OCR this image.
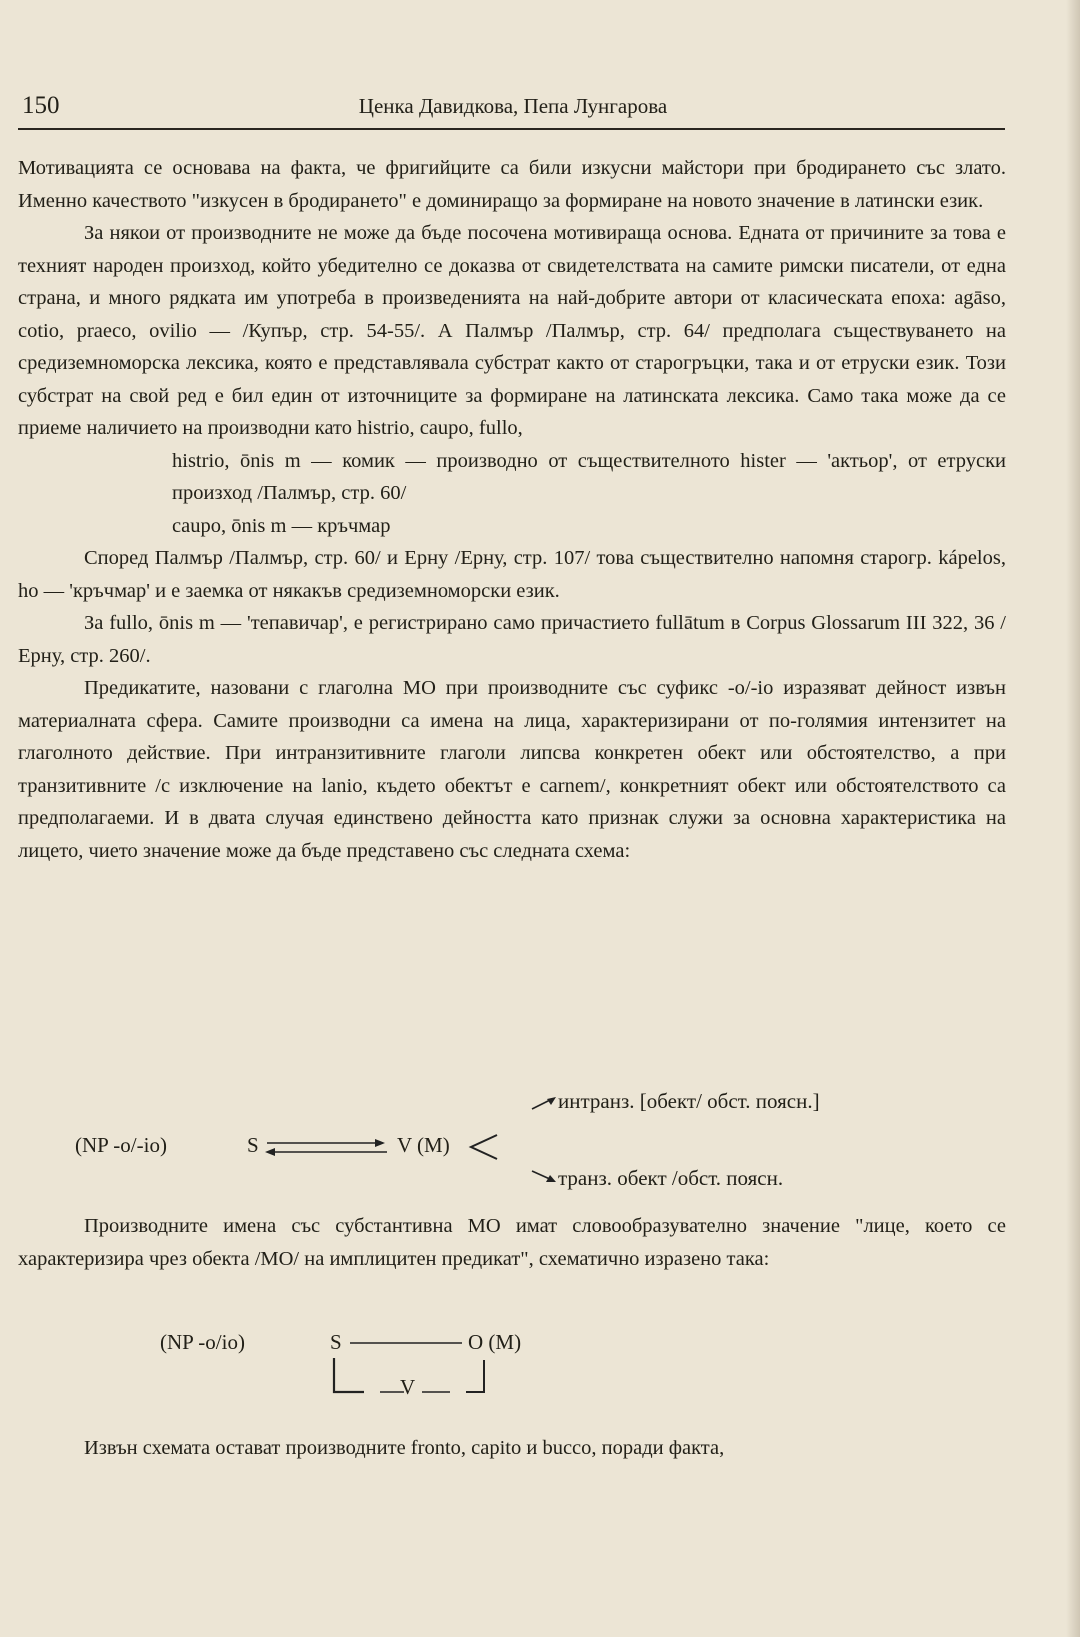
150	Ценка Давидкова, Пепа Лунгарова

Мотивацията се основава на факта, че фригийците са били изкусни майстори при бродирането със злато. Именно качеството "изкусен в бродирането" е доминиращо за формиране на новото значение в латински език.

За някои от производните не може да бъде посочена мотивираща основа. Едната от причините за това е техният народен произход, който убедително се доказва от свидетелствата на самите римски писатели, от една страна, и много рядката им употреба в произведенията на най-добрите автори от класическата епоха: agāso, cotio, praeco, ovilio — /Купър, стр. 54-55/. А Палмър /Палмър, стр. 64/ предполага съществуването на средиземноморска лексика, която е представлявала субстрат както от старогръцки, така и от етруски език. Този субстрат на свой ред е бил един от източниците за формиране на латинската лексика. Само така може да се приеме наличието на производни като histrio, caupo, fullo,

histrio, ōnis m — комик — производно от съществителното hister — 'актьор', от етруски произход /Палмър, стр. 60/

caupo, ōnis m — кръчмар

Според Палмър /Палмър, стр. 60/ и Ерну /Ерну, стр. 107/ това съществително напомня старогр. kápelos, ho — 'кръчмар' и е заемка от някакъв средиземноморски език.

За fullo, ōnis m — 'тепавичар', е регистрирано само причастието fullātum в Corpus Glossarum III 322, 36 /Ерну, стр. 260/.

Предикатите, назовани с глаголна МО при производните със суфикс -o/-io изразяват дейност извън материалната сфера. Самите производни са имена на лица, характеризирани от по-голямия интензитет на глаголното действие. При интранзитивните глаголи липсва конкретен обект или обстоятелство, а при транзитивните /с изключение на lanio, където обектът е carnem/, конкретният обект или обстоятелството са предполагаеми. И в двата случая единствено дейността като признак служи за основна характеристика на лицето, чието значение може да бъде представено със следната схема:

(NP -o/-io)	S	V (M)
интранз. [обект/ обст. поясн.]
транз. обект /обст. поясн.

Производните имена със субстантивна МО имат словообразувателно значение "лице, което се характеризира чрез обекта /МО/ на имплицитен предикат", схематично изразено така:

(NP -o/io)	S
V
O (M)

Извън схемата остават производните fronto, capito и bucco, поради факта,
